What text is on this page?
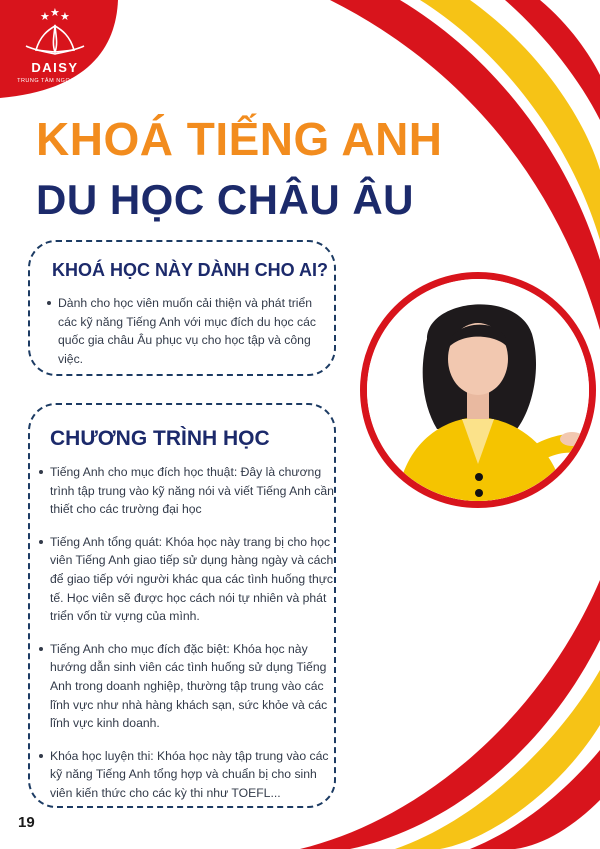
★ ★ ★
DAISY
TRUNG TÂM NGOẠI NGỮ
KHOÁ TIẾNG ANH
DU HỌC CHÂU ÂU
KHOÁ HỌC NÀY DÀNH CHO AI?
Dành cho học viên muốn cải thiện và phát triển các kỹ năng Tiếng Anh với mục đích du học các quốc gia châu Âu phục vụ cho học tập và công việc.
CHƯƠNG TRÌNH HỌC
Tiếng Anh cho mục đích học thuật: Đây là chương trình tập trung vào kỹ năng nói và viết Tiếng Anh cần thiết cho các trường đại học
Tiếng Anh tổng quát: Khóa học này trang bị cho học viên Tiếng Anh giao tiếp sử dụng hàng ngày và cách để giao tiếp với người khác qua các tình huống thực tế. Học viên sẽ được học cách nói tự nhiên và phát triển vốn từ vựng của mình.
Tiếng Anh cho mục đích đặc biệt: Khóa học này hướng dẫn sinh viên các tình huống sử dụng Tiếng Anh trong doanh nghiệp, thường tập trung vào các lĩnh vực như nhà hàng khách sạn, sức khỏe và các lĩnh vực kinh doanh.
Khóa học luyện thi: Khóa học này tập trung vào các kỹ năng Tiếng Anh tổng hợp và chuẩn bị cho sinh viên kiến thức cho các kỳ thi như TOEFL...
19
